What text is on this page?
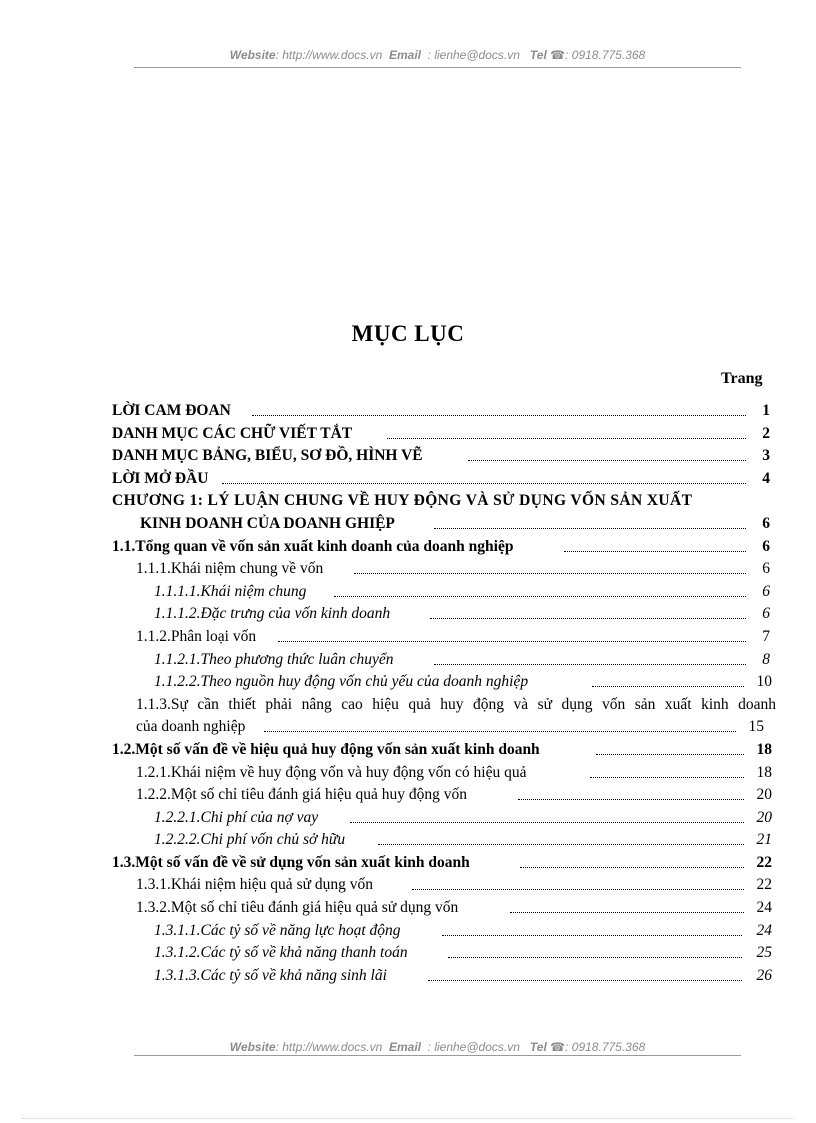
Website: http://www.docs.vn Email  : lienhe@docs.vn Tel ☎: 0918.775.368
MỤC LỤC
Trang
LỜI CAM ĐOAN	1
DANH MỤC CÁC CHỮ VIẾT TẮT	2
DANH MỤC BẢNG, BIỂU, SƠ ĐỒ, HÌNH VẼ	3
LỜI MỞ ĐẦU	4
CHƯƠNG 1: LÝ LUẬN CHUNG VỀ HUY ĐỘNG VÀ SỬ DỤNG VỐN SẢN XUẤT
KINH DOANH CỦA DOANH GHIỆP	6
1.1.Tổng quan về vốn sản xuất kinh doanh của doanh nghiệp	6
1.1.1.Khái niệm chung về vốn	6
1.1.1.1.Khái niệm chung	6
1.1.1.2.Đặc trưng của vốn kinh doanh	6
1.1.2.Phân loại vốn	7
1.1.2.1.Theo phương thức luân chuyển	8
1.1.2.2.Theo nguồn huy động vốn chủ yếu của doanh nghiệp	10
1.1.3.Sự cần thiết phải nâng cao hiệu quả huy động và sử dụng vốn sản xuất kinh doanh
của doanh nghiệp	15
1.2.Một số vấn đề về hiệu quả huy động vốn sản xuất kinh doanh	18
1.2.1.Khái niệm về huy động vốn và huy động vốn có hiệu quả	18
1.2.2.Một số chỉ tiêu đánh giá hiệu quả huy động vốn	20
1.2.2.1.Chi phí của nợ vay	20
1.2.2.2.Chi phí vốn chủ sở hữu	21
1.3.Một số vấn đề về sử dụng vốn sản xuất kinh doanh	22
1.3.1.Khái niệm hiệu quả sử dụng vốn	22
1.3.2.Một số chỉ tiêu đánh giá hiệu quả sử dụng vốn	24
1.3.1.1.Các tỷ số về năng lực hoạt động	24
1.3.1.2.Các tỷ số về khả năng thanh toán	25
1.3.1.3.Các tỷ số về khả năng sinh lãi	26
Website: http://www.docs.vn Email  : lienhe@docs.vn Tel ☎: 0918.775.368
